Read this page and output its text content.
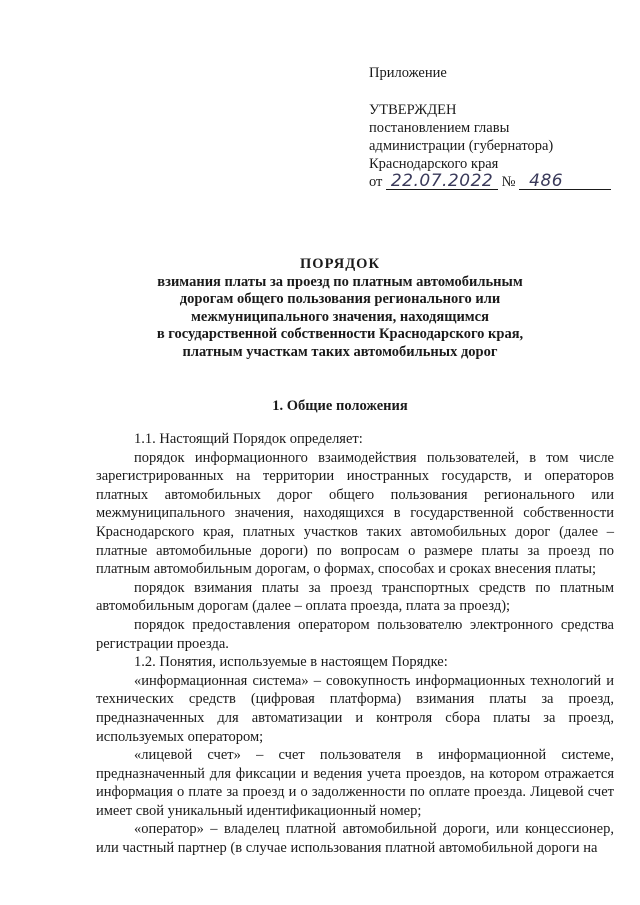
Приложение
УТВЕРЖДЕН
постановлением главы
администрации (губернатора)
Краснодарского края
от 22.07.2022 № 486
ПОРЯДОК
взимания платы за проезд по платным автомобильным
дорогам общего пользования регионального или
межмуниципального значения, находящимся
в государственной собственности Краснодарского края,
платным участкам таких автомобильных дорог
1. Общие положения

1.1. Настоящий Порядок определяет:

порядок информационного взаимодействия пользователей, в том числе зарегистрированных на территории иностранных государств, и операторов платных автомобильных дорог общего пользования регионального или межмуниципального значения, находящихся в государственной собственности Краснодарского края, платных участков таких автомобильных дорог (далее – платные автомобильные дороги) по вопросам о размере платы за проезд по платным автомобильным дорогам, о формах, способах и сроках внесения платы;

порядок взимания платы за проезд транспортных средств по платным автомобильным дорогам (далее – оплата проезда, плата за проезд);

порядок предоставления оператором пользователю электронного средства регистрации проезда.

1.2. Понятия, используемые в настоящем Порядке:

«информационная система» – совокупность информационных технологий и технических средств (цифровая платформа) взимания платы за проезд, предназначенных для автоматизации и контроля сбора платы за проезд, используемых оператором;

«лицевой счет» – счет пользователя в информационной системе, предназначенный для фиксации и ведения учета проездов, на котором отражается информация о плате за проезд и о задолженности по оплате проезда. Лицевой счет имеет свой уникальный идентификационный номер;

«оператор» – владелец платной автомобильной дороги, или концессионер, или частный партнер (в случае использования платной автомобильной дороги на
